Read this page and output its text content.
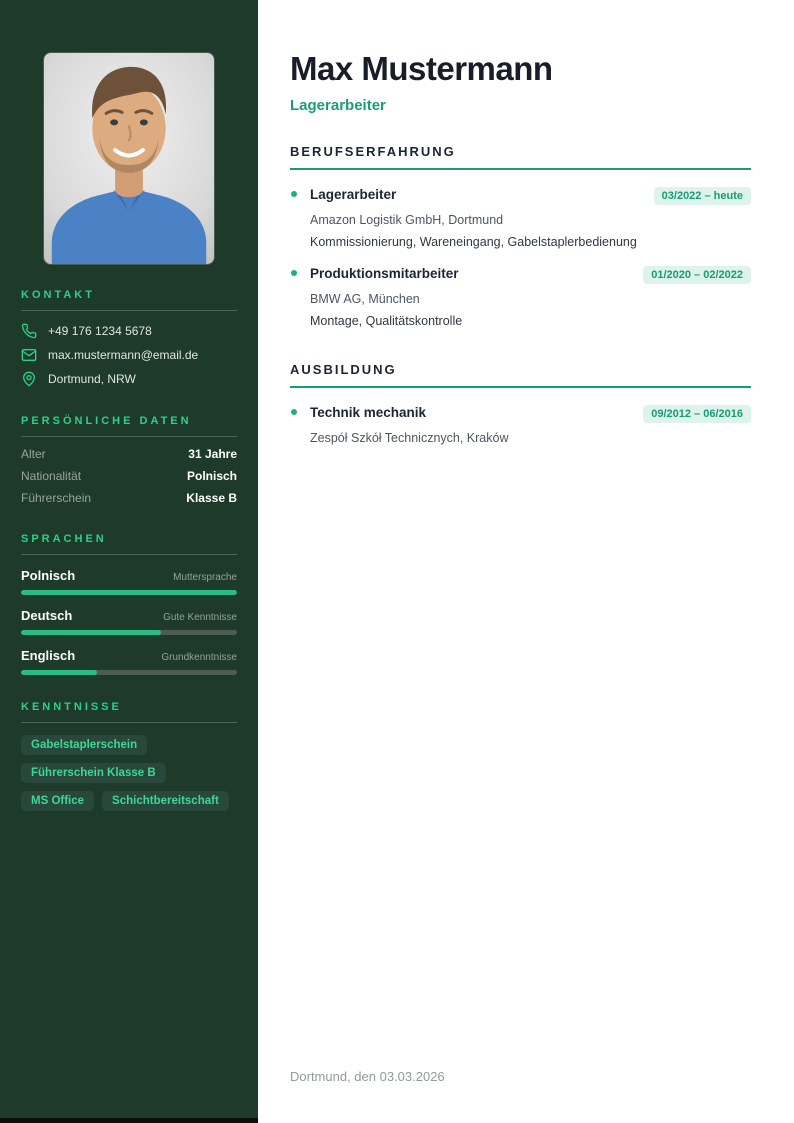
KONTAKT
+49 176 1234 5678
max.mustermann@email.de
Dortmund, NRW
PERSÖNLICHE DATEN
Alter	31 Jahre
Nationalität	Polnisch
Führerschein	Klasse B
SPRACHEN
Polnisch	Muttersprache
Deutsch	Gute Kenntnisse
Englisch	Grundkenntnisse
KENNTNISSE
Gabelstaplerschein
Führerschein Klasse B
MS Office	Schichtbereitschaft
Max Mustermann
Lagerarbeiter
BERUFSERFAHRUNG
Lagerarbeiter	03/2022 – heute
Amazon Logistik GmbH, Dortmund
Kommissionierung, Wareneingang, Gabelstaplerbedienung
Produktionsmitarbeiter	01/2020 – 02/2022
BMW AG, München
Montage, Qualitätskontrolle
AUSBILDUNG
Technik mechanik	09/2012 – 06/2016
Zespół Szkół Technicznych, Kraków
Dortmund, den 03.03.2026
